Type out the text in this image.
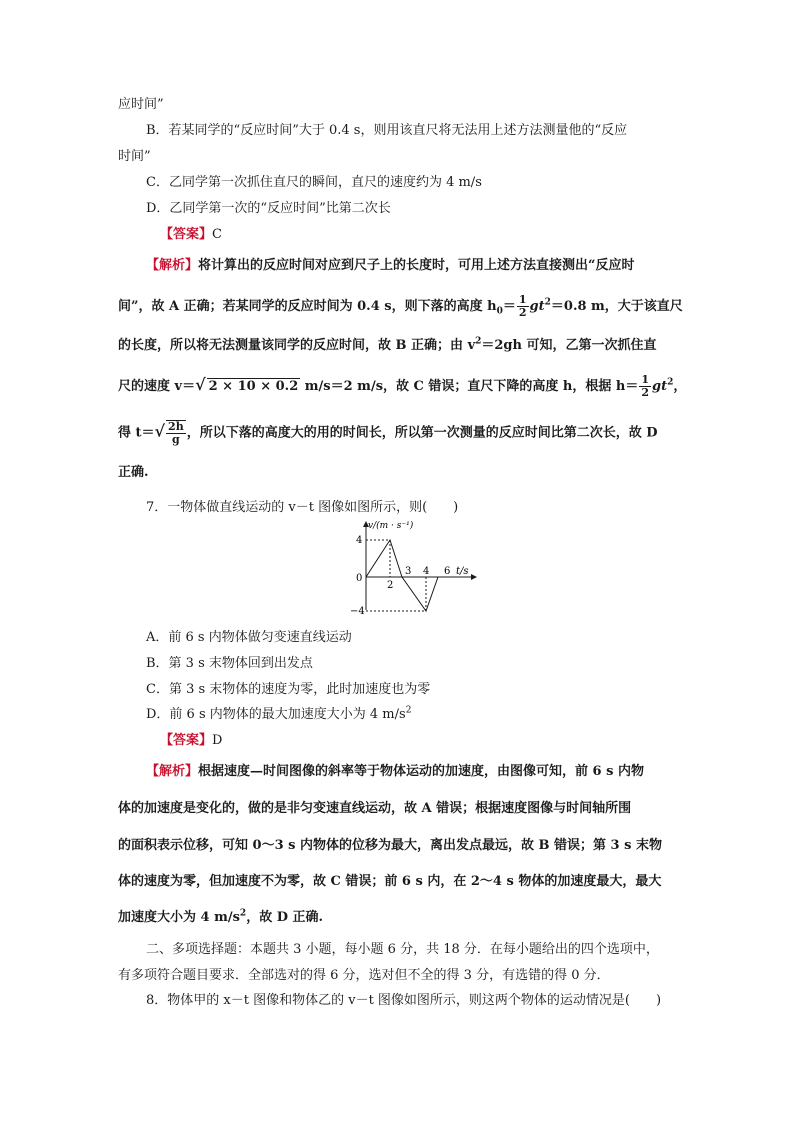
应时间”
B．若某同学的“反应时间”大于 0.4 s，则用该直尺将无法用上述方法测量他的“反应
时间”
C．乙同学第一次抓住直尺的瞬间，直尺的速度约为 4 m/s
D．乙同学第一次的“反应时间”比第二次长
【答案】C
【解析】将计算出的反应时间对应到尺子上的长度时，可用上述方法直接测出“反应时
间”，故 A 正确；若某同学的反应时间为 0.4 s，则下落的高度 $h_0= \frac{1}{2} gt^2=0.8$ m，大于该直尺
的长度，所以将无法测量该同学的反应时间，故 B 正确；由 $v^2=2gh$ 可知，乙第一次抓住直
尺的速度 v＝√ 2 × 10 × 0.2 m/s＝2 m/s，故 C 错误；直尺下降的高度 h，根据 $h= \frac{1}{2} gt^2$，
得 $t=√ \frac{2h}{g}$ ，所以下落的高度大的用的时间长，所以第一次测量的反应时间比第二次长，故 D
正确.
7．一物体做直线运动的 v－t 图像如图所示，则(　　)
v/(m · s⁻¹)
t/s
4
0
−4
2
3 4 6
A．前 6 s 内物体做匀变速直线运动
B．第 3 s 末物体回到出发点
C．第 3 s 末物体的速度为零，此时加速度也为零
D．前 6 s 内物体的最大加速度大小为 4 $m/s^2$
【答案】D
【解析】根据速度—时间图像的斜率等于物体运动的加速度，由图像可知，前 6 s 内物
体的加速度是变化的，做的是非匀变速直线运动，故 A 错误；根据速度图像与时间轴所围
的面积表示位移，可知 0～3 s 内物体的位移为最大，离出发点最远，故 B 错误；第 3 s 末物
体的速度为零，但加速度不为零，故 C 错误；前 6 s 内，在 2～4 s 物体的加速度最大，最大
加速度大小为 4 $m/s^2$，故 D 正确.
二、多项选择题：本题共 3 小题，每小题 6 分，共 18 分．在每小题给出的四个选项中，
有多项符合题目要求．全部选对的得 6 分，选对但不全的得 3 分，有选错的得 0 分．
8．物体甲的 x－t 图像和物体乙的 v－t 图像如图所示，则这两个物体的运动情况是(　　)
